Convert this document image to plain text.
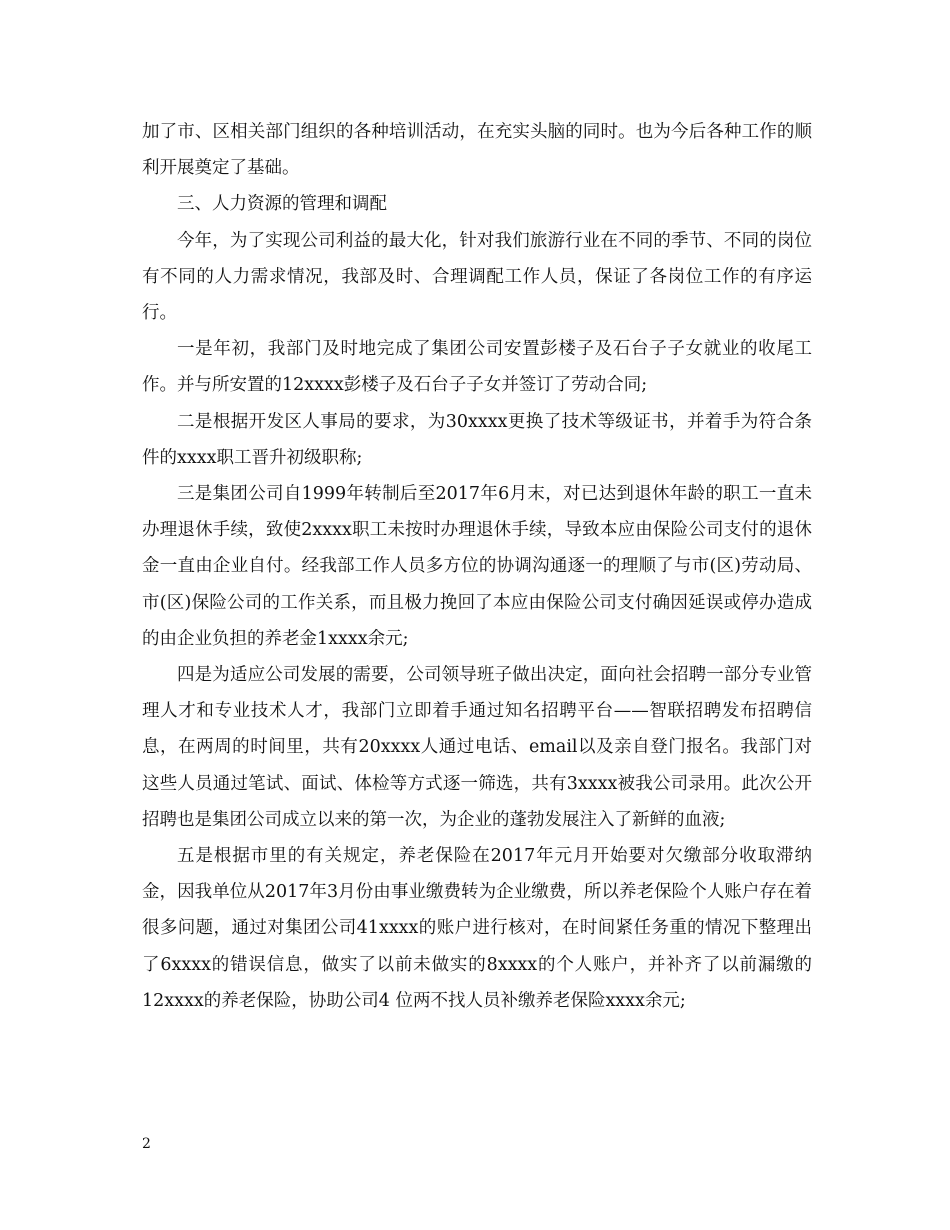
加了市、区相关部门组织的各种培训活动，在充实头脑的同时。也为今后各种工作的顺利开展奠定了基础。

三、人力资源的管理和调配

今年，为了实现公司利益的最大化，针对我们旅游行业在不同的季节、不同的岗位有不同的人力需求情况，我部及时、合理调配工作人员，保证了各岗位工作的有序运行。

一是年初，我部门及时地完成了集团公司安置彭楼子及石台子子女就业的收尾工作。并与所安置的12xxxx彭楼子及石台子子女并签订了劳动合同;

二是根据开发区人事局的要求，为30xxxx更换了技术等级证书，并着手为符合条件的xxxx职工晋升初级职称;

三是集团公司自1999年转制后至2017年6月末，对已达到退休年龄的职工一直未办理退休手续，致使2xxxx职工未按时办理退休手续，导致本应由保险公司支付的退休金一直由企业自付。经我部工作人员多方位的协调沟通逐一的理顺了与市(区)劳动局、市(区)保险公司的工作关系，而且极力挽回了本应由保险公司支付确因延误或停办造成的由企业负担的养老金1xxxx余元;

四是为适应公司发展的需要，公司领导班子做出决定，面向社会招聘一部分专业管理人才和专业技术人才，我部门立即着手通过知名招聘平台——智联招聘发布招聘信息，在两周的时间里，共有20xxxx人通过电话、email以及亲自登门报名。我部门对这些人员通过笔试、面试、体检等方式逐一筛选，共有3xxxx被我公司录用。此次公开招聘也是集团公司成立以来的第一次，为企业的蓬勃发展注入了新鲜的血液;

五是根据市里的有关规定，养老保险在2017年元月开始要对欠缴部分收取滞纳金，因我单位从2017年3月份由事业缴费转为企业缴费，所以养老保险个人账户存在着很多问题，通过对集团公司41xxxx的账户进行核对，在时间紧任务重的情况下整理出了6xxxx的错误信息，做实了以前未做实的8xxxx的个人账户，并补齐了以前漏缴的12xxxx的养老保险，协助公司4 位两不找人员补缴养老保险xxxx余元;

2
